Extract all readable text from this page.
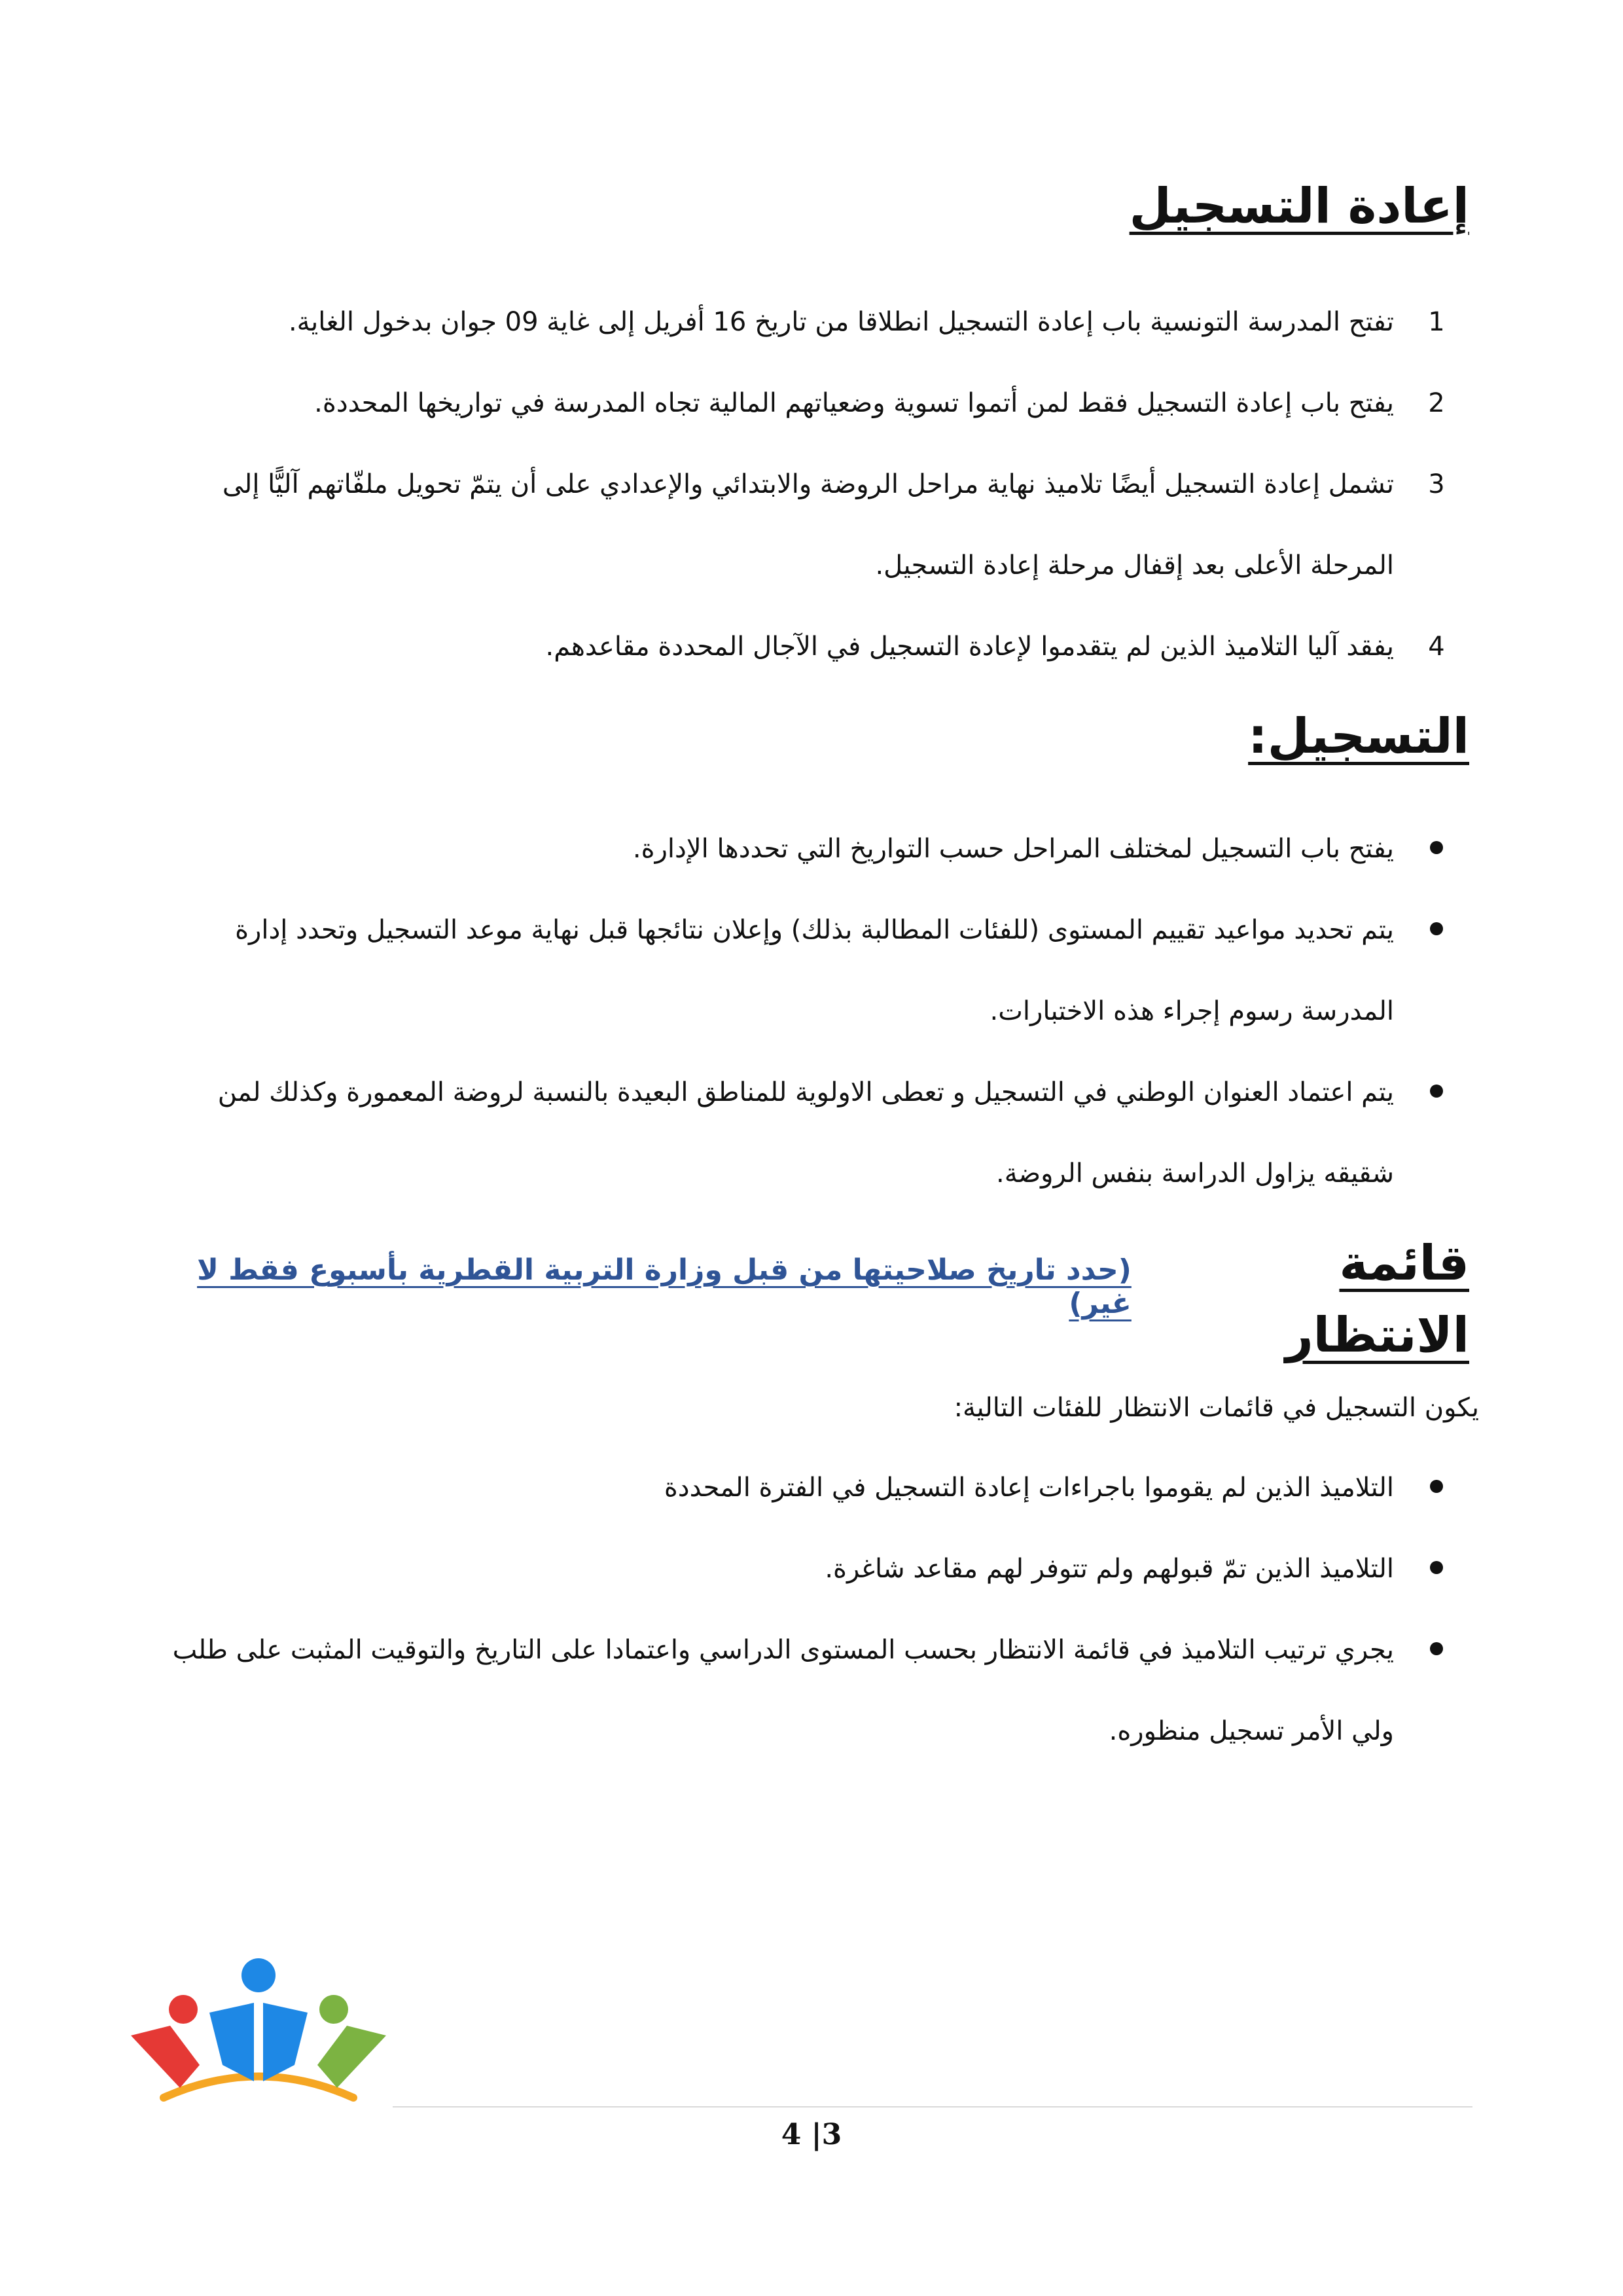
إعادة التسجيل
1
تفتح المدرسة التونسية باب إعادة التسجيل انطلاقا من تاريخ 16 أفريل إلى غاية 09 جوان بدخول الغاية.
2
يفتح باب إعادة التسجيل فقط لمن أتموا تسوية وضعياتهم المالية تجاه المدرسة في تواريخها المحددة.
3
تشمل إعادة التسجيل أيضًا تلاميذ نهاية مراحل الروضة والابتدائي والإعدادي على أن يتمّ تحويل ملفّاتهم آليًّا إلى المرحلة الأعلى بعد إقفال مرحلة إعادة التسجيل.
4
يفقد آليا التلاميذ الذين لم يتقدموا لإعادة التسجيل في الآجال المحددة مقاعدهم.
التسجيل:
يفتح باب التسجيل لمختلف المراحل حسب التواريخ التي تحددها الإدارة.
يتم تحديد مواعيد تقييم المستوى (للفئات المطالبة بذلك) وإعلان نتائجها قبل نهاية موعد التسجيل وتحدد إدارة المدرسة رسوم إجراء هذه الاختبارات.
يتم اعتماد العنوان الوطني في التسجيل و تعطى الاولوية للمناطق البعيدة بالنسبة لروضة المعمورة وكذلك لمن شقيقه يزاول الدراسة بنفس الروضة.
قائمة الانتظار
(حدد تاريخ صلاحيتها من قبل وزارة التربية القطرية بأسبوع فقط لا غير)
يكون التسجيل في قائمات الانتظار للفئات التالية:
التلاميذ الذين لم يقوموا باجراءات إعادة التسجيل في الفترة المحددة
التلاميذ الذين تمّ قبولهم ولم تتوفر لهم مقاعد شاغرة.
يجري ترتيب التلاميذ في قائمة الانتظار بحسب المستوى الدراسي واعتمادا على التاريخ والتوقيت المثبت على طلب ولي الأمر تسجيل منظوره.
4 |3
